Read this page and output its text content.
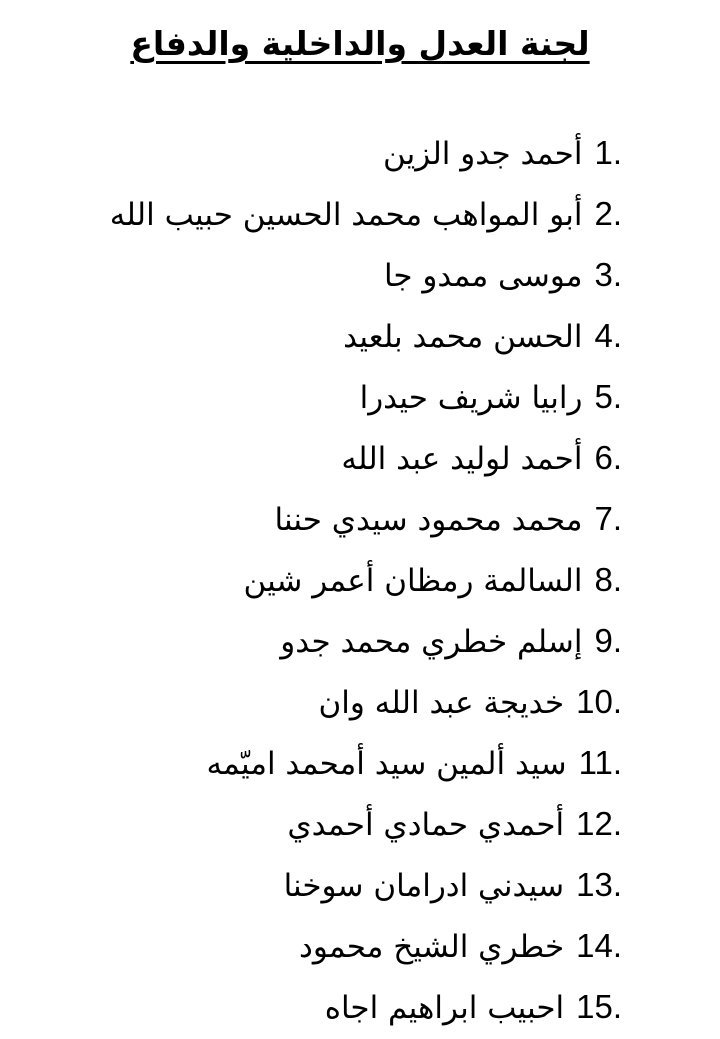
لجنة العدل والداخلية والدفاع
1.أحمد جدو الزين
2.أبو المواهب محمد الحسين حبيب الله
3.موسى ممدو جا
4.الحسن محمد بلعيد
5.رابيا شريف حيدرا
6.أحمد لوليد عبد الله
7.محمد محمود سيدي حننا
8.السالمة رمظان أعمر شين
9.إسلم خطري محمد جدو
10.خديجة عبد الله وان
11.سيد ألمين سيد أمحمد اميّمه
12.أحمدي حمادي أحمدي
13.سيدني ادرامان سوخنا
14.خطري الشيخ محمود
15.احبيب ابراهيم اجاه
